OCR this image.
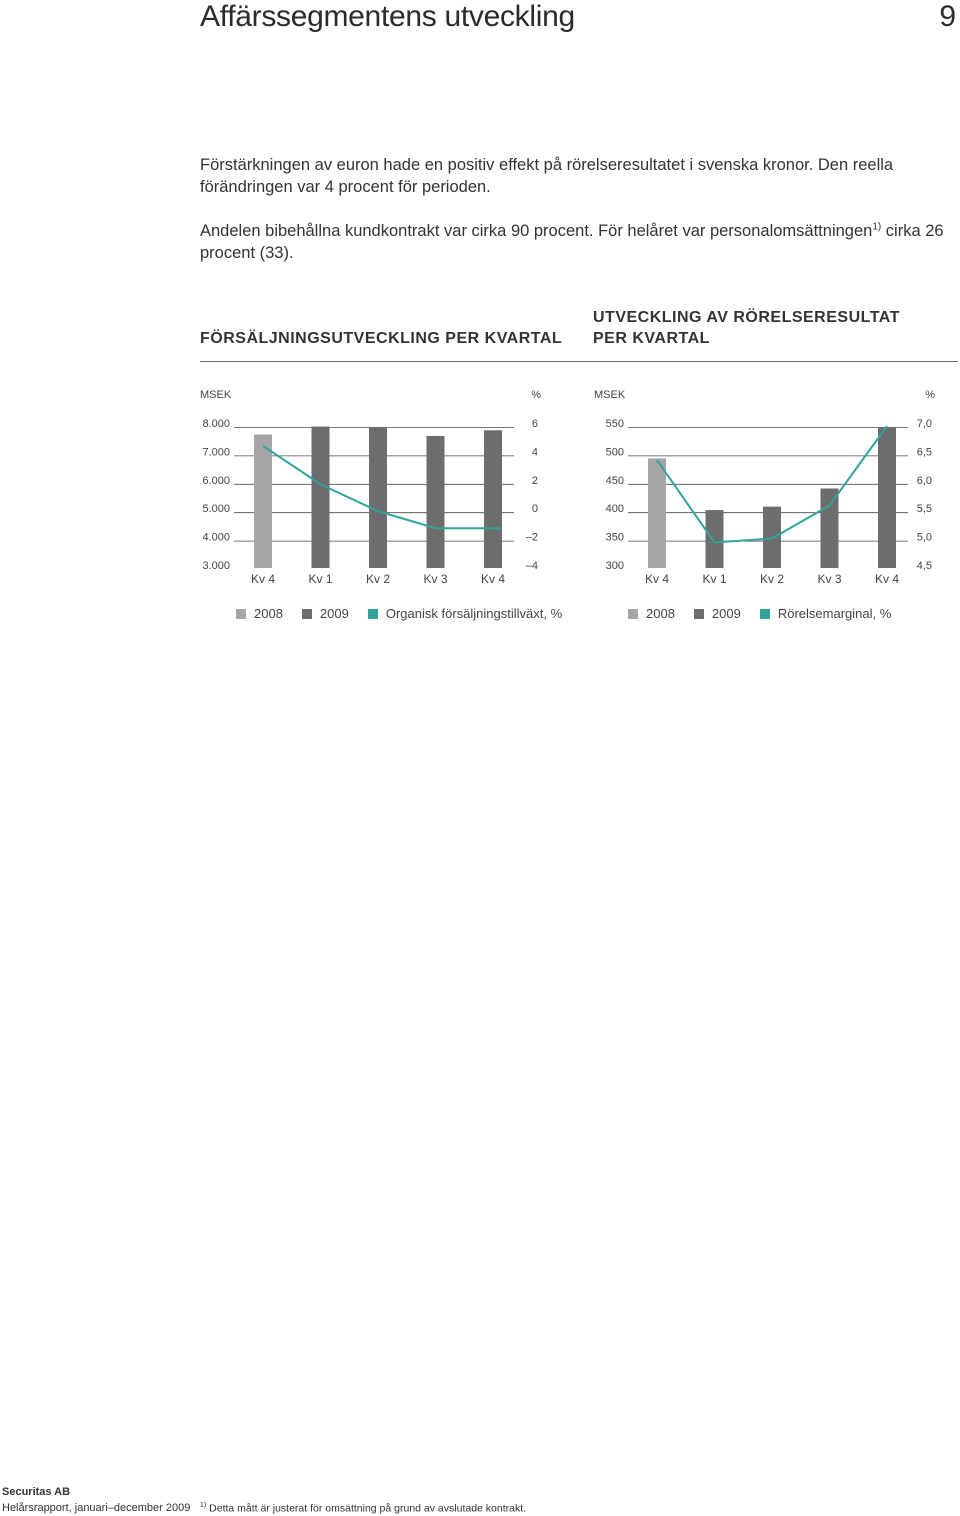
Affärssegmentens utveckling	9

Förstärkningen av euron hade en positiv effekt på rörelseresultatet i svenska kronor. Den reella förändringen var 4 procent för perioden.

Andelen bibehållna kundkontrakt var cirka 90 procent. För helåret var personalomsättningen$^{1)}$ cirka 26 procent (33).

FÖRSÄLJNINGSUTVECKLING PER KVARTAL
UTVECKLING AV RÖRELSERESULTAT
PER KVARTAL
MSEK	%
8.000	6
7.000	4
6.000	2
5.000	0
4.000	–2
3.000	–4
Kv 4	Kv 1	Kv 2	Kv 3	Kv 4
MSEK	%
550	7,0
500	6,5
450	6,0
400	5,5
350	5,0
300	4,5
Kv 4	Kv 1	Kv 2	Kv 3	Kv 4
2008	2009	Organisk försäljningstillväxt, %	2008	2009	Rörelsemarginal, %
Securitas AB
Helårsrapport, januari–december 2009 $^{1)}$ Detta mått är justerat för omsättning på grund av avslutade kontrakt.
